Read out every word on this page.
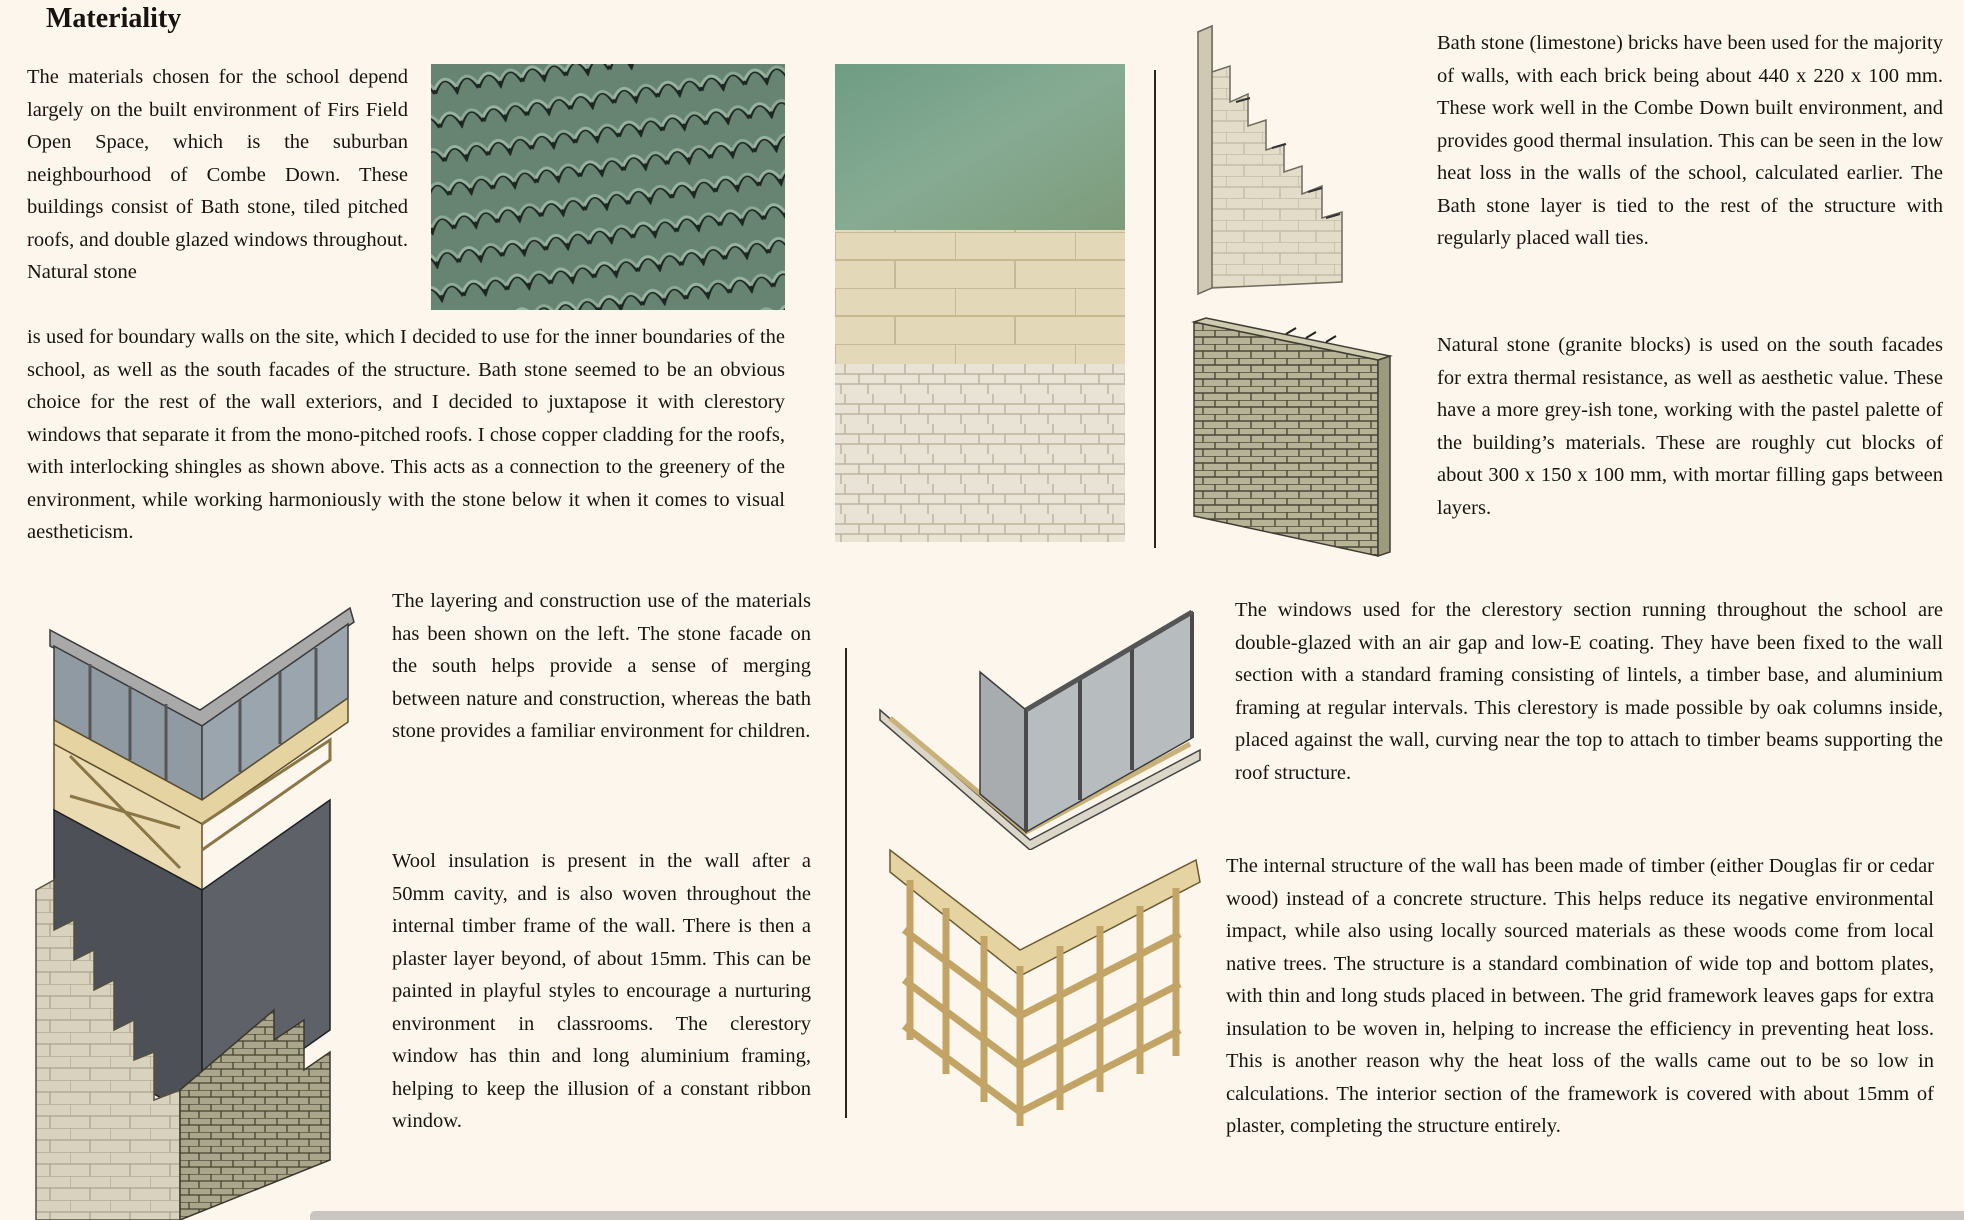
Materiality
The materials chosen for the school depend largely on the built environment of Firs Field Open Space, which is the suburban neighbourhood of Combe Down. These buildings consist of Bath stone, tiled pitched roofs, and double glazed windows throughout. Natural stone
is used for boundary walls on the site, which I decided to use for the inner boundaries of the school, as well as the south facades of the structure. Bath stone seemed to be an obvious choice for the rest of the wall exteriors, and I decided to juxtapose it with clerestory windows that separate it from the mono-pitched roofs. I chose copper cladding for the roofs, with interlocking shingles as shown above. This acts as a connection to the greenery of the environment, while working harmoniously with the stone below it when it comes to visual aestheticism.
Bath stone (limestone) bricks have been used for the majority of walls, with each brick being about 440 x 220 x 100 mm. These work well in the Combe Down built environment, and provides good thermal insulation. This can be seen in the low heat loss in the walls of the school, calculated earlier. The Bath stone layer is tied to the rest of the structure with regularly placed wall ties.
Natural stone (granite blocks) is used on the south facades for extra thermal resistance, as well as aesthetic value. These have a more grey-ish tone, working with the pastel palette of the building’s materials. These are roughly cut blocks of about 300 x 150 x 100 mm, with mortar filling gaps between layers.
The layering and construction use of the materials has been shown on the left. The stone facade on the south helps provide a sense of merging between nature and construction, whereas the bath stone provides a familiar environment for children.
Wool insulation is present in the wall after a 50mm cavity, and is also woven throughout the internal timber frame of the wall. There is then a plaster layer beyond, of about 15mm. This can be painted in playful styles to encourage a nurturing environment in classrooms. The clerestory window has thin and long aluminium framing, helping to keep the illusion of a constant ribbon window.
The windows used for the clerestory section running throughout the school are double-glazed with an air gap and low-E coating. They have been fixed to the wall section with a standard framing consisting of lintels, a timber base, and aluminium framing at regular intervals. This clerestory is made possible by oak columns inside, placed against the wall, curving near the top to attach to timber beams supporting the roof structure.
The internal structure of the wall has been made of timber (either Douglas fir or cedar wood) instead of a concrete structure. This helps reduce its negative environmental impact, while also using locally sourced materials as these woods come from local native trees. The structure is a standard combination of wide top and bottom plates, with thin and long studs placed in between. The grid framework leaves gaps for extra insulation to be woven in, helping to increase the efficiency in preventing heat loss. This is another reason why the heat loss of the walls came out to be so low in calculations. The interior section of the framework is covered with about 15mm of plaster, completing the structure entirely.
